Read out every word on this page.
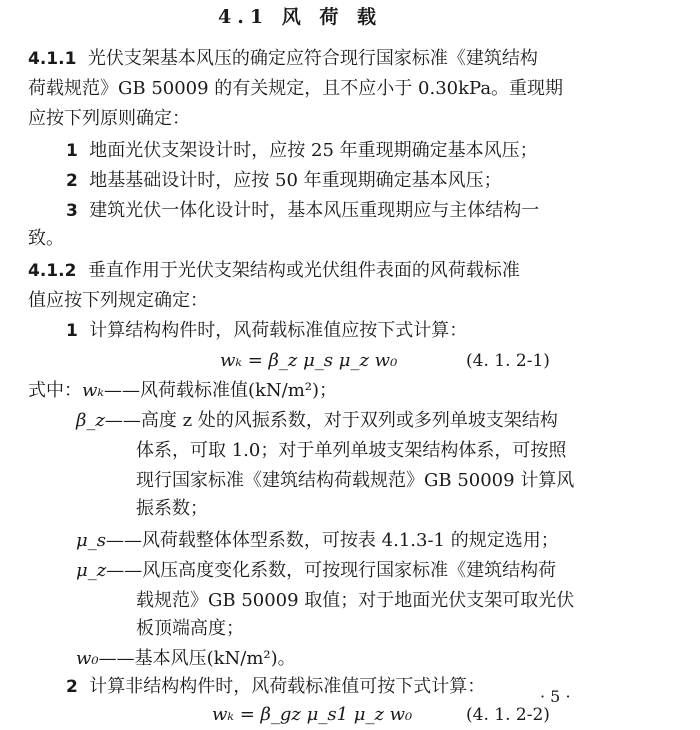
4.1 风 荷 载
4.1.1 光伏支架基本风压的确定应符合现行国家标准《建筑结构
荷载规范》GB 50009 的有关规定，且不应小于 0.30kPa。重现期
应按下列原则确定：
1 地面光伏支架设计时，应按 25 年重现期确定基本风压；
2 地基基础设计时，应按 50 年重现期确定基本风压；
3 建筑光伏一体化设计时，基本风压重现期应与主体结构一
致。
4.1.2 垂直作用于光伏支架结构或光伏组件表面的风荷载标准
值应按下列规定确定：
1 计算结构构件时，风荷载标准值应按下式计算：
wₖ = β_z μ_s μ_z w₀	(4. 1. 2-1)
式中：wₖ——风荷载标准值(kN/m²)；
β_z——高度 z 处的风振系数，对于双列或多列单坡支架结构
体系，可取 1.0；对于单列单坡支架结构体系，可按照
现行国家标准《建筑结构荷载规范》GB 50009 计算风
振系数；
μ_s——风荷载整体体型系数，可按表 4.1.3-1 的规定选用；
μ_z——风压高度变化系数，可按现行国家标准《建筑结构荷
载规范》GB 50009 取值；对于地面光伏支架可取光伏
板顶端高度；
w₀——基本风压(kN/m²)。
2 计算非结构构件时，风荷载标准值可按下式计算：
wₖ = β_gz μ_s1 μ_z w₀	(4. 1. 2-2)
· 5 ·
